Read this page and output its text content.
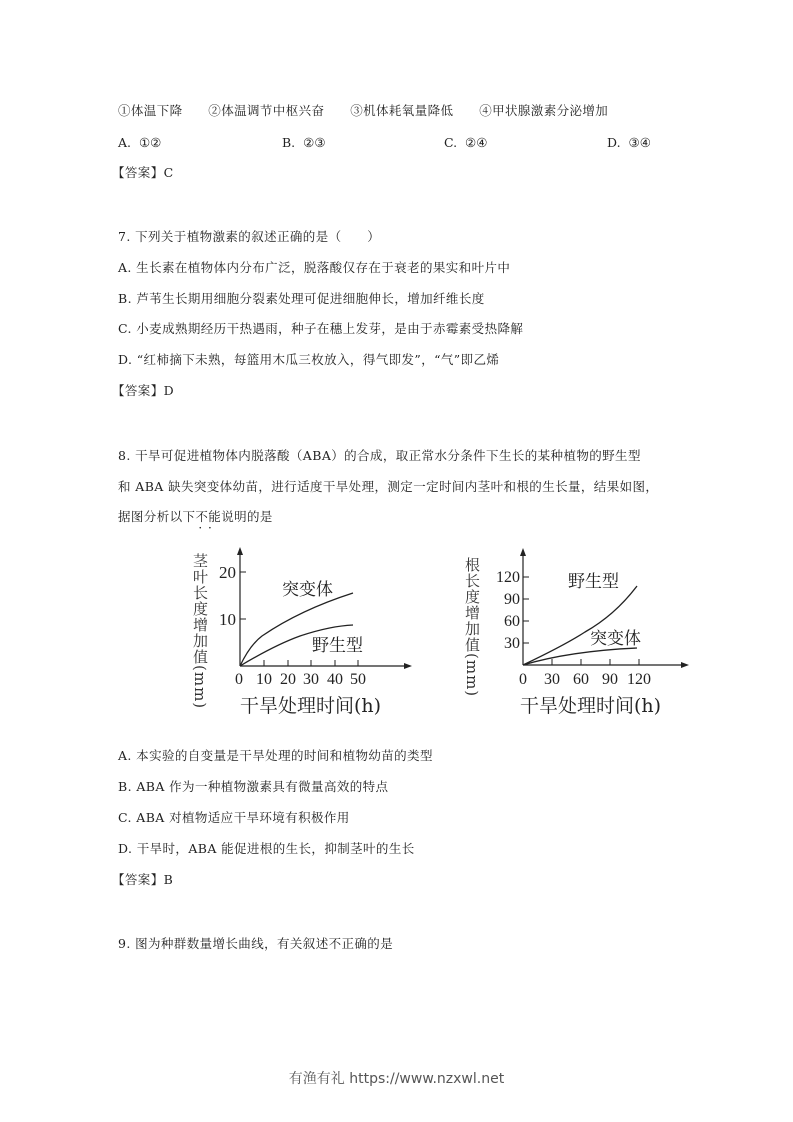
①体温下降　　②体温调节中枢兴奋　　③机体耗氧量降低　　④甲状腺激素分泌增加
A. ①②	B. ②③	C. ②④	D. ③④
【答案】C
7. 下列关于植物激素的叙述正确的是（　　）
A. 生长素在植物体内分布广泛，脱落酸仅存在于衰老的果实和叶片中
B. 芦苇生长期用细胞分裂素处理可促进细胞伸长，增加纤维长度
C. 小麦成熟期经历干热遇雨，种子在穗上发芽，是由于赤霉素受热降解
D. “红柿摘下未熟，每篮用木瓜三枚放入，得气即发”，“气”即乙烯
【答案】D
8. 干旱可促进植物体内脱落酸（ABA）的合成，取正常水分条件下生长的某种植物的野生型
和 ABA 缺失突变体幼苗，进行适度干旱处理，测定一定时间内茎叶和根的生长量，结果如图，
据图分析以下不能 · ·说明的是
茎叶长度增加值(mm) 10
20
0 10 20 30 40 50
突变体
野生型
干旱处理时间(h)
根长度增加值(mm) 30
60
90
120
0 30 60 90 120
野生型
突变体
干旱处理时间(h)
A. 本实验的自变量是干旱处理的时间和植物幼苗的类型
B. ABA 作为一种植物激素具有微量高效的特点
C. ABA 对植物适应干旱环境有积极作用
D. 干旱时，ABA 能促进根的生长，抑制茎叶的生长
【答案】B
9. 图为种群数量增长曲线，有关叙述不正确的是
有渔有礼 https://www.nzxwl.net
